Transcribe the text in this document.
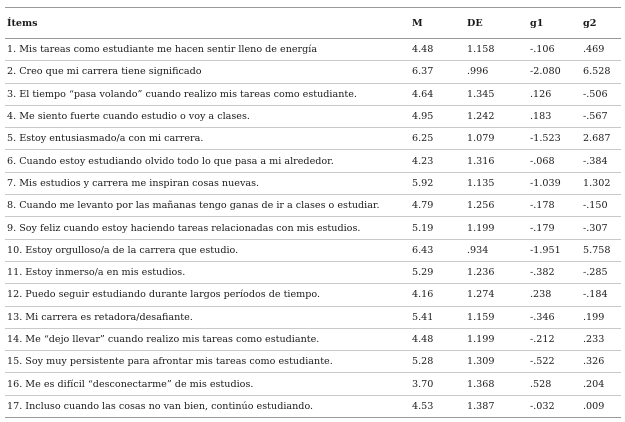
Ítems	M	DE	g1	g2
1. Mis tareas como estudiante me hacen sentir lleno de energía	4.48	1.158	-.106	.469
2. Creo que mi carrera tiene significado	6.37	.996	-2.080	6.528
3. El tiempo “pasa volando” cuando realizo mis tareas como estudiante.	4.64	1.345	.126	-.506
4. Me siento fuerte cuando estudio o voy a clases.	4.95	1.242	.183	-.567
5. Estoy entusiasmado/a con mi carrera.	6.25	1.079	-1.523	2.687
6. Cuando estoy estudiando olvido todo lo que pasa a mi alrededor.	4.23	1.316	-.068	-.384
7. Mis estudios y carrera me inspiran cosas nuevas.	5.92	1.135	-1.039	1.302
8. Cuando me levanto por las mañanas tengo ganas de ir a clases o estudiar.	4.79	1.256	-.178	-.150
9. Soy feliz cuando estoy haciendo tareas relacionadas con mis estudios.	5.19	1.199	-.179	-.307
10. Estoy orgulloso/a de la carrera que estudio.	6.43	.934	-1.951	5.758
11. Estoy inmerso/a en mis estudios.	5.29	1.236	-.382	-.285
12. Puedo seguir estudiando durante largos períodos de tiempo.	4.16	1.274	.238	-.184
13. Mi carrera es retadora/desafiante.	5.41	1.159	-.346	.199
14. Me “dejo llevar” cuando realizo mis tareas como estudiante.	4.48	1.199	-.212	.233
15. Soy muy persistente para afrontar mis tareas como estudiante.	5.28	1.309	-.522	.326
16. Me es difícil “desconectarme” de mis estudios.	3.70	1.368	.528	.204
17. Incluso cuando las cosas no van bien, continúo estudiando.	4.53	1.387	-.032	.009
